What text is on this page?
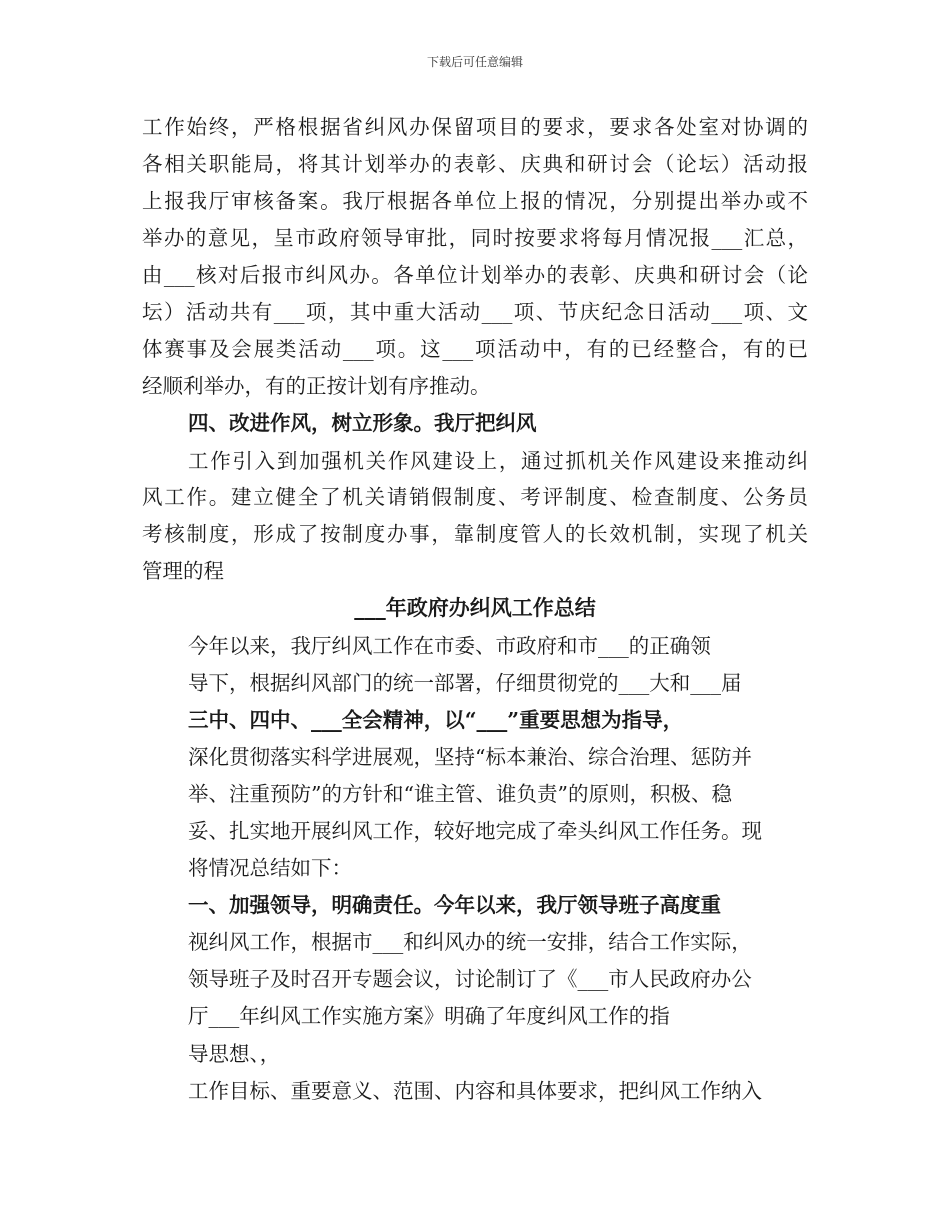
下载后可任意编辑
工作始终，严格根据省纠风办保留项目的要求，要求各处室对协调的
各相关职能局，将其计划举办的表彰、庆典和研讨会（论坛）活动报
上报我厅审核备案。我厅根据各单位上报的情况，分别提出举办或不
举办的意见，呈市政府领导审批，同时按要求将每月情况报___汇总，
由___核对后报市纠风办。各单位计划举办的表彰、庆典和研讨会（论
坛）活动共有___项，其中重大活动___项、节庆纪念日活动___项、文
体赛事及会展类活动___项。这___项活动中，有的已经整合，有的已
经顺利举办，有的正按计划有序推动。
四、改进作风，树立形象。我厅把纠风
工作引入到加强机关作风建设上，通过抓机关作风建设来推动纠
风工作。建立健全了机关请销假制度、考评制度、检查制度、公务员
考核制度，形成了按制度办事，靠制度管人的长效机制，实现了机关
管理的程
___年政府办纠风工作总结
今年以来，我厅纠风工作在市委、市政府和市___的正确领
导下，根据纠风部门的统一部署，仔细贯彻党的___大和___届
三中、四中、___全会精神，以“___”重要思想为指导，
深化贯彻落实科学进展观，坚持“标本兼治、综合治理、惩防并
举、注重预防”的方针和“谁主管、谁负责”的原则，积极、稳
妥、扎实地开展纠风工作，较好地完成了牵头纠风工作任务。现
将情况总结如下：
一、加强领导，明确责任。今年以来，我厅领导班子高度重
视纠风工作，根据市___和纠风办的统一安排，结合工作实际，
领导班子及时召开专题会议，讨论制订了《___市人民政府办公
厅___年纠风工作实施方案》明确了年度纠风工作的指
导思想、，
工作目标、重要意义、范围、内容和具体要求，把纠风工作纳入
